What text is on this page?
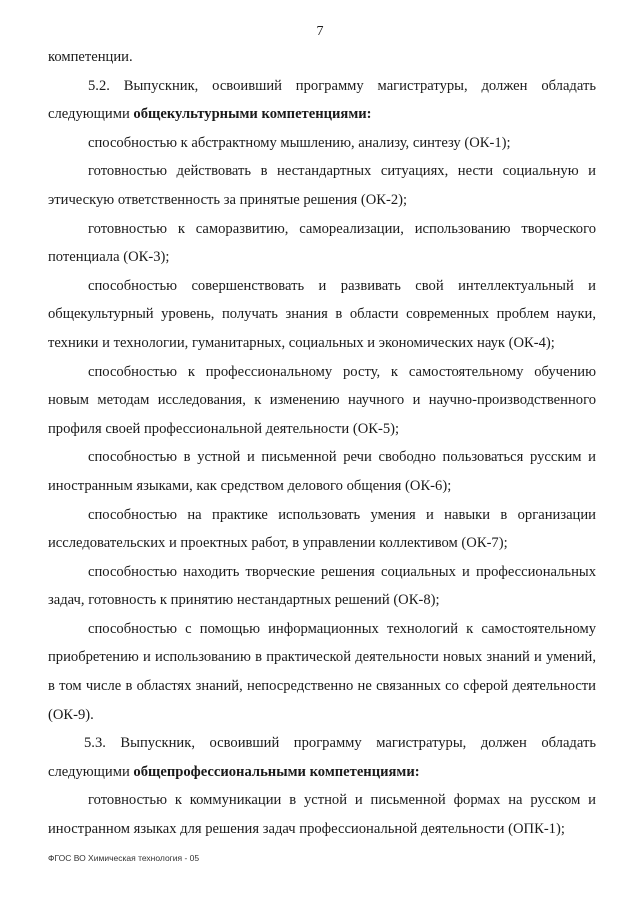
7

компетенции.

5.2. Выпускник, освоивший программу магистратуры, должен обладать следующими общекультурными компетенциями:

способностью к абстрактному мышлению, анализу, синтезу (ОК-1);

готовностью действовать в нестандартных ситуациях, нести социальную и этическую ответственность за принятые решения (ОК-2);

готовностью к саморазвитию, самореализации, использованию творческого потенциала (ОК-3);

способностью совершенствовать и развивать свой интеллектуальный и общекультурный уровень, получать знания в области современных проблем науки, техники и технологии, гуманитарных, социальных и экономических наук (ОК-4);

способностью к профессиональному росту, к самостоятельному обучению новым методам исследования, к изменению научного и научно-производственного профиля своей профессиональной деятельности (ОК-5);

способностью в устной и письменной речи свободно пользоваться русским и иностранным языками, как средством делового общения (ОК-6);

способностью на практике использовать умения и навыки в организации исследовательских и проектных работ, в управлении коллективом (ОК-7);

способностью находить творческие решения социальных и профессиональных задач, готовность к принятию нестандартных решений (ОК-8);

способностью с помощью информационных технологий к самостоятельному приобретению и использованию в практической деятельности новых знаний и умений, в том числе в областях знаний, непосредственно не связанных со сферой деятельности (ОК-9).

5.3. Выпускник, освоивший программу магистратуры, должен обладать следующими общепрофессиональными компетенциями:

готовностью к коммуникации в устной и письменной формах на русском и иностранном языках для решения задач профессиональной деятельности (ОПК-1);

ФГОС ВО Химическая технология - 05
